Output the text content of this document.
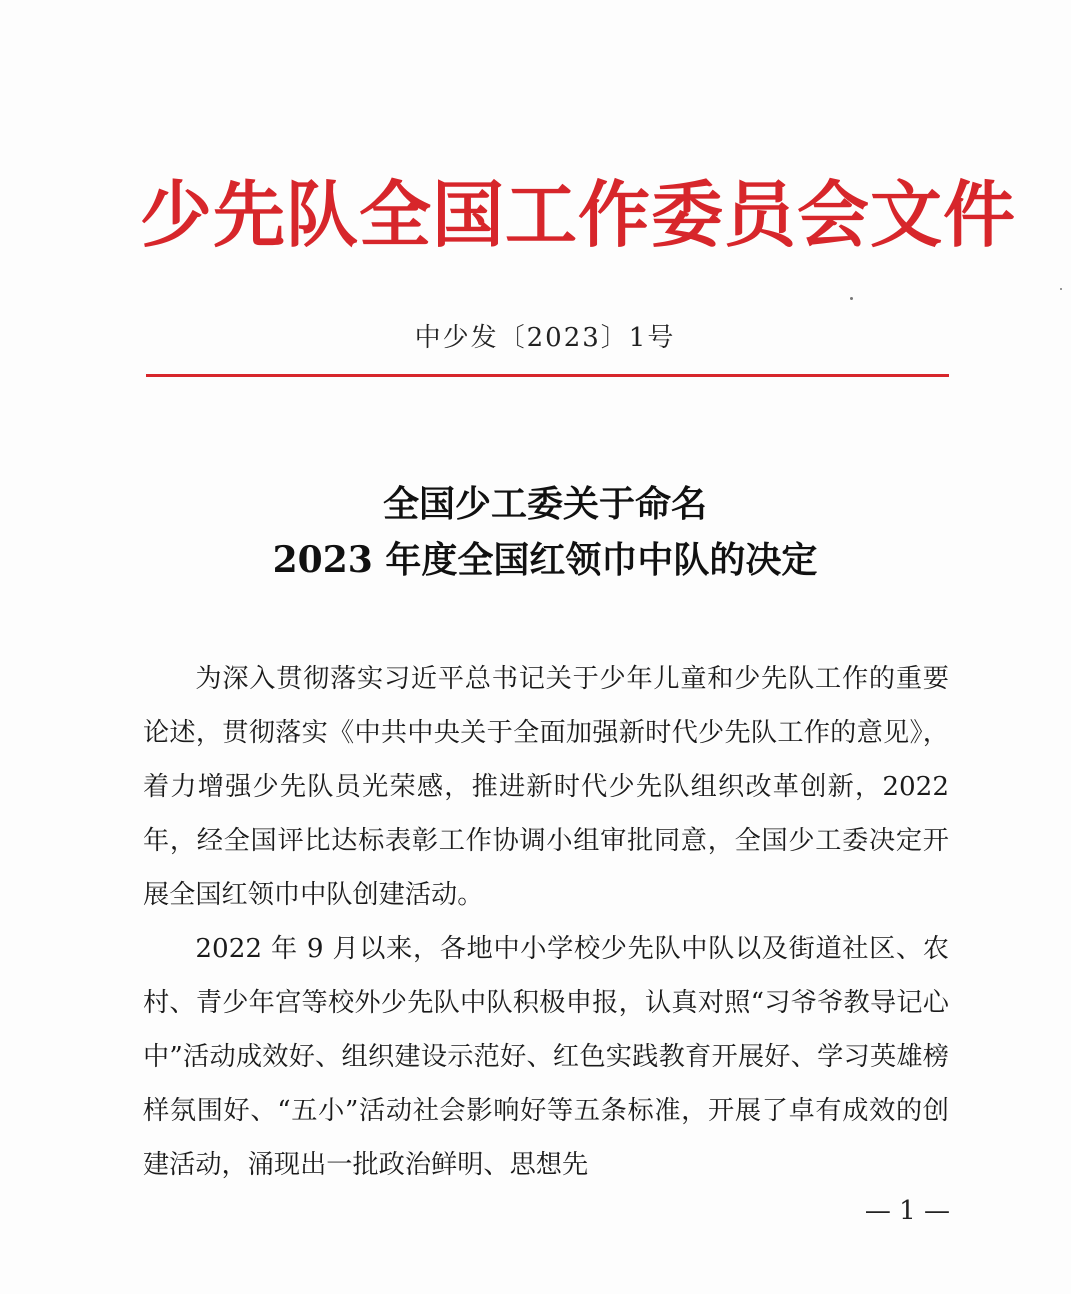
少先队全国工作委员会文件
中少发〔2023〕1号
全国少工委关于命名
2023 年度全国红领巾中队的决定

为深入贯彻落实习近平总书记关于少年儿童和少先队工作的重要论述，贯彻落实《中共中央关于全面加强新时代少先队工作的意见》，着力增强少先队员光荣感，推进新时代少先队组织改革创新，2022 年，经全国评比达标表彰工作协调小组审批同意，全国少工委决定开展全国红领巾中队创建活动。

2022 年 9 月以来，各地中小学校少先队中队以及街道社区、农村、青少年宫等校外少先队中队积极申报，认真对照“习爷爷教导记心中”活动成效好、组织建设示范好、红色实践教育开展好、学习英雄榜样氛围好、“五小”活动社会影响好等五条标准，开展了卓有成效的创建活动，涌现出一批政治鲜明、思想先

— 1 —
